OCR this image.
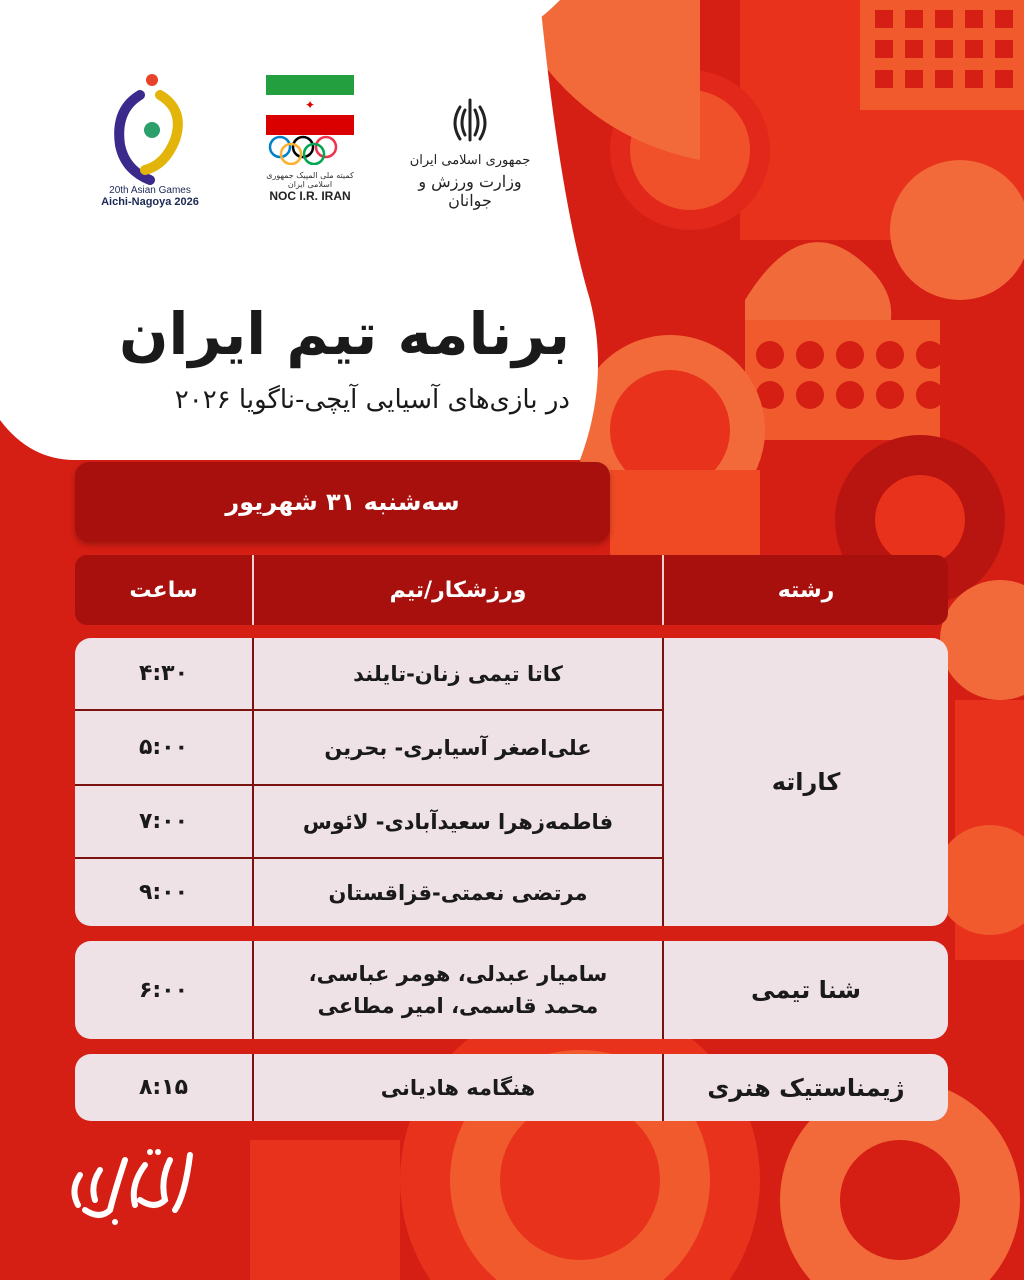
20th Asian Games
Aichi-Nagoya 2026
✦
کمیته ملی المپیک جمهوری اسلامی ایران
NOC I.R. IRAN
جمهوری اسلامی ایران
وزارت ورزش و جوانان
برنامه تیم ایران
در بازی‌های آسیایی آیچی-ناگویا ۲۰۲۶
سه‌شنبه ۳۱ شهریور
رشته
ورزشکار/تیم
ساعت
کاراته
کاتا تیمی زنان-تایلند
۴:۳۰
علی‌اصغر آسیابری- بحرین
۵:۰۰
فاطمه‌زهرا سعیدآبادی- لائوس
۷:۰۰
مرتضی نعمتی-قزاقستان
۹:۰۰
شنا تیمی
سامیار عبدلی، هومر عباسی،
محمد قاسمی، امیر مطاعی
۶:۰۰
ژیمناستیک هنری
هنگامه هادیانی
۸:۱۵
